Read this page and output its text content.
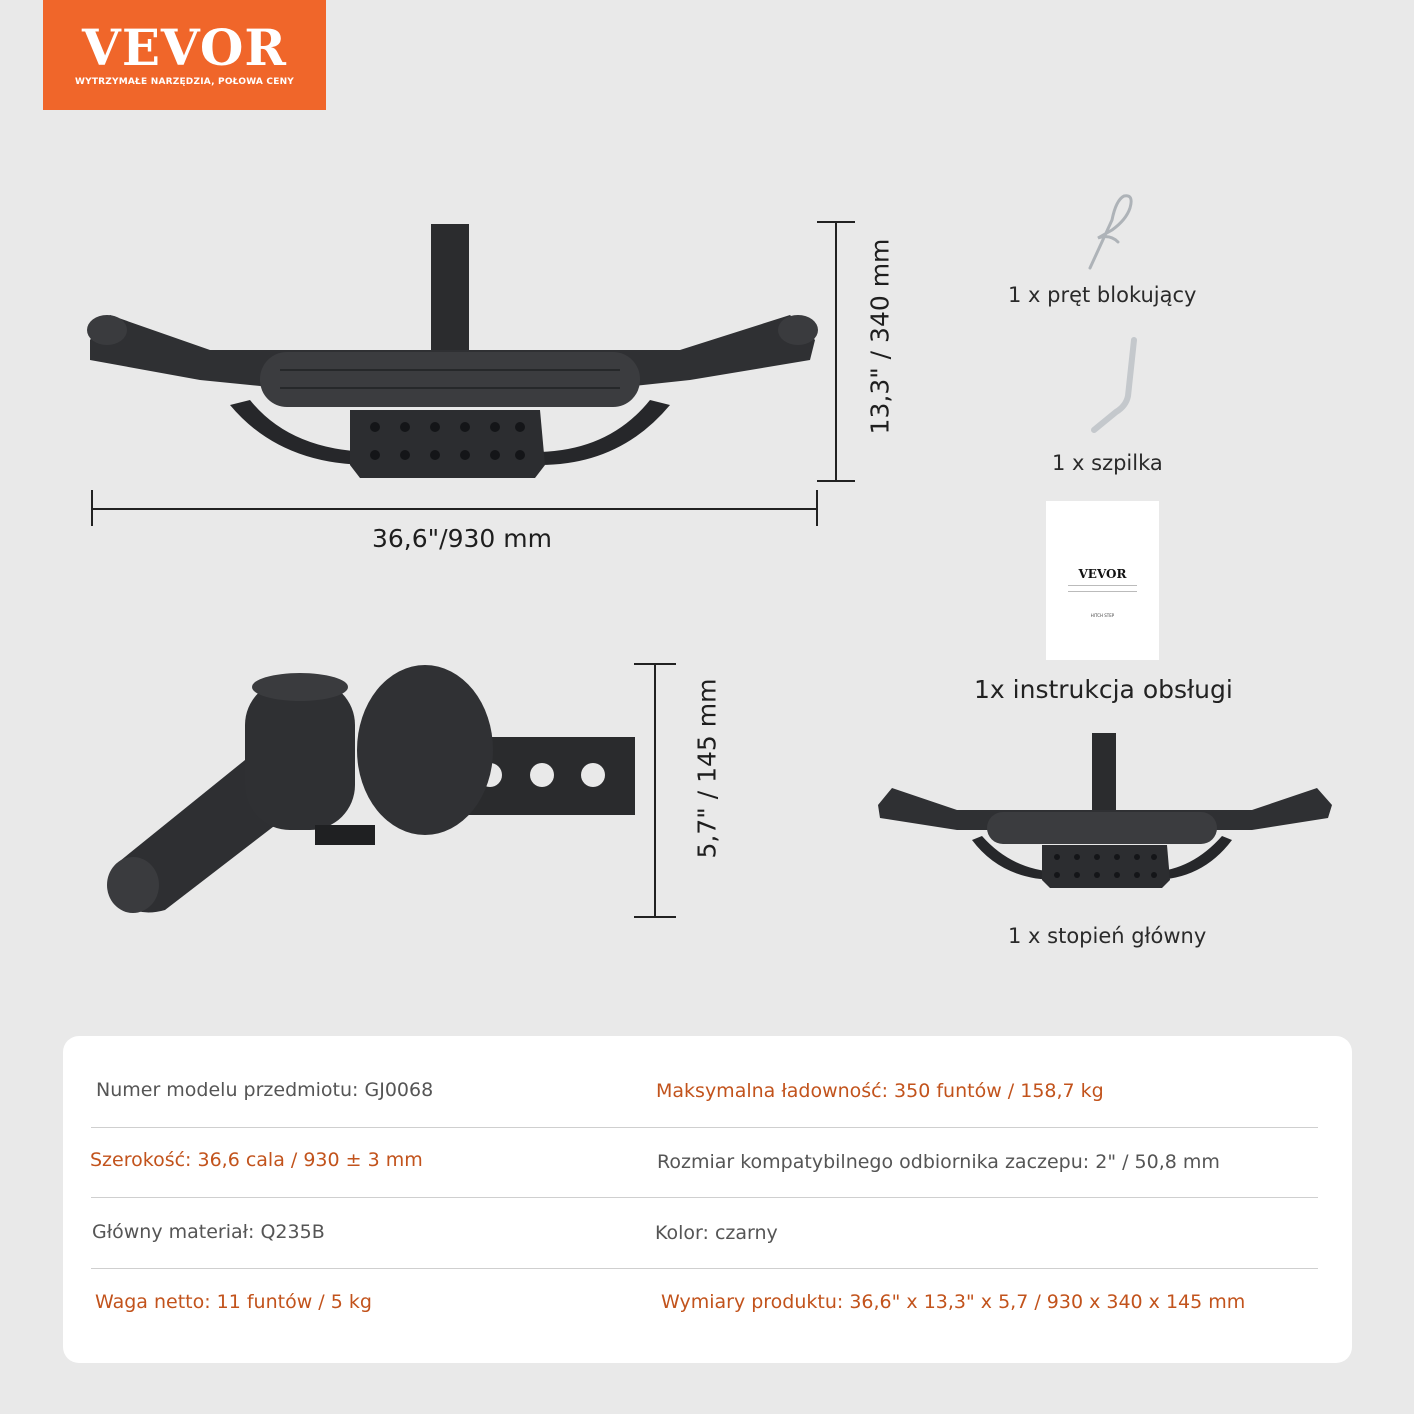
VEVOR
WYTRZYMAŁE NARZĘDZIA, POŁOWA CENY
36,6"/930 mm
13,3" / 340 mm
5,7" / 145 mm
1 x pręt blokujący
1 x szpilka
VEVOR
HITCH STEP
1x instrukcja obsługi
1 x stopień główny
Numer modelu przedmiotu: GJ0068	Maksymalna ładowność: 350 funtów / 158,7 kg
Szerokość: 36,6 cala / 930 ± 3 mm	Rozmiar kompatybilnego odbiornika zaczepu: 2" / 50,8 mm
Główny materiał: Q235B	Kolor: czarny
Waga netto: 11 funtów / 5 kg	Wymiary produktu: 36,6" x 13,3" x 5,7 / 930 x 340 x 145 mm
